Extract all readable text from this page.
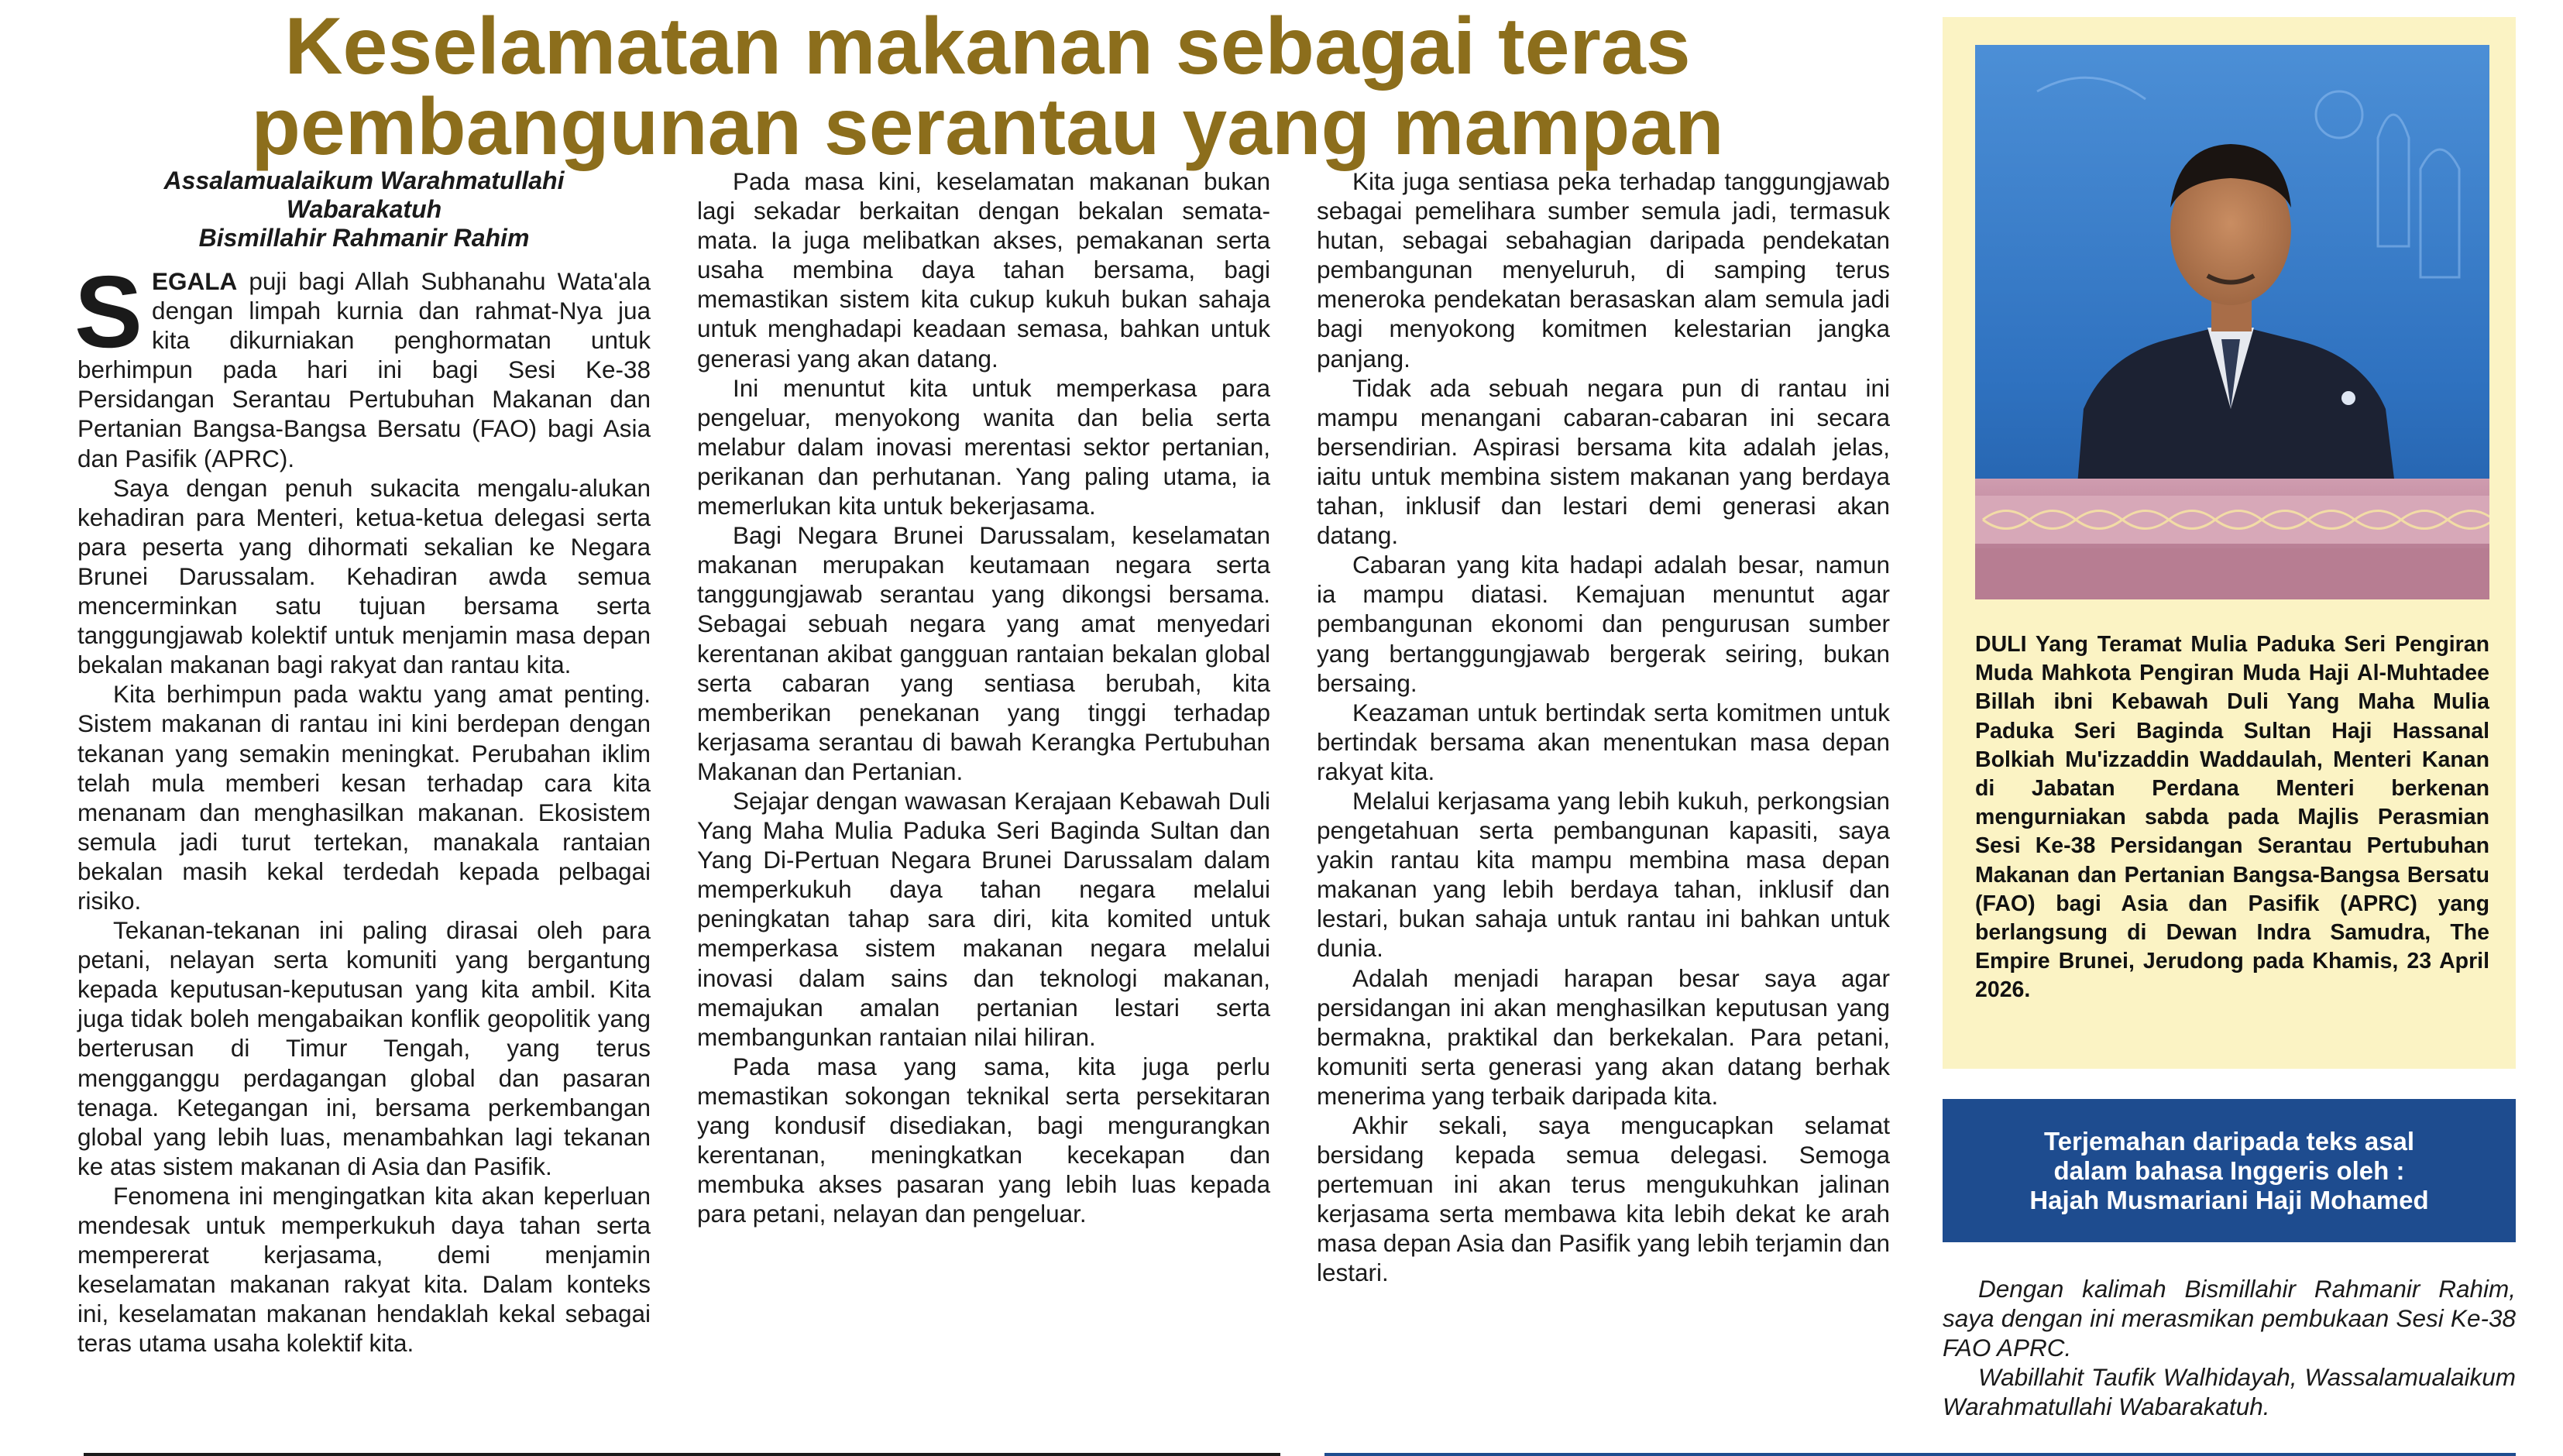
Keselamatan makanan sebagai teras
pembangunan serantau yang mampan
Assalamualaikum Warahmatullahi
Wabarakatuh
Bismillahir Rahmanir Rahim

SEGALA puji bagi Allah Subhanahu Wata'ala dengan limpah kurnia dan rahmat-Nya jua kita dikurniakan penghormatan untuk berhimpun pada hari ini bagi Sesi Ke-38 Persidangan Serantau Pertubuhan Makanan dan Pertanian Bangsa-Bangsa Bersatu (FAO) bagi Asia dan Pasifik (APRC).

Saya dengan penuh sukacita mengalu-alukan kehadiran para Menteri, ketua-ketua delegasi serta para peserta yang dihormati sekalian ke Negara Brunei Darussalam. Kehadiran awda semua mencerminkan satu tujuan bersama serta tanggungjawab kolektif untuk menjamin masa depan bekalan makanan bagi rakyat dan rantau kita.

Kita berhimpun pada waktu yang amat penting. Sistem makanan di rantau ini kini berdepan dengan tekanan yang semakin meningkat. Perubahan iklim telah mula memberi kesan terhadap cara kita menanam dan menghasilkan makanan. Ekosistem semula jadi turut tertekan, manakala rantaian bekalan masih kekal terdedah kepada pelbagai risiko.

Tekanan-tekanan ini paling dirasai oleh para petani, nelayan serta komuniti yang bergantung kepada keputusan-keputusan yang kita ambil. Kita juga tidak boleh mengabaikan konflik geopolitik yang berterusan di Timur Tengah, yang terus mengganggu perdagangan global dan pasaran tenaga. Ketegangan ini, bersama perkembangan global yang lebih luas, menambahkan lagi tekanan ke atas sistem makanan di Asia dan Pasifik.

Fenomena ini mengingatkan kita akan keperluan mendesak untuk memperkukuh daya tahan serta mempererat kerjasama, demi menjamin keselamatan makanan rakyat kita. Dalam konteks ini, keselamatan makanan hendaklah kekal sebagai teras utama usaha kolektif kita.

Pada masa kini, keselamatan makanan bukan lagi sekadar berkaitan dengan bekalan semata-mata. Ia juga melibatkan akses, pemakanan serta usaha membina daya tahan bersama, bagi memastikan sistem kita cukup kukuh bukan sahaja untuk menghadapi keadaan semasa, bahkan untuk generasi yang akan datang.

Ini menuntut kita untuk memperkasa para pengeluar, menyokong wanita dan belia serta melabur dalam inovasi merentasi sektor pertanian, perikanan dan perhutanan. Yang paling utama, ia memerlukan kita untuk bekerjasama.

Bagi Negara Brunei Darussalam, keselamatan makanan merupakan keutamaan negara serta tanggungjawab serantau yang dikongsi bersama. Sebagai sebuah negara yang amat menyedari kerentanan akibat gangguan rantaian bekalan global serta cabaran yang sentiasa berubah, kita memberikan penekanan yang tinggi terhadap kerjasama serantau di bawah Kerangka Pertubuhan Makanan dan Pertanian.

Sejajar dengan wawasan Kerajaan Kebawah Duli Yang Maha Mulia Paduka Seri Baginda Sultan dan Yang Di-Pertuan Negara Brunei Darussalam dalam memperkukuh daya tahan negara melalui peningkatan tahap sara diri, kita komited untuk memperkasa sistem makanan negara melalui inovasi dalam sains dan teknologi makanan, memajukan amalan pertanian lestari serta membangunkan rantaian nilai hiliran.

Pada masa yang sama, kita juga perlu memastikan sokongan teknikal serta persekitaran yang kondusif disediakan, bagi mengurangkan kerentanan, meningkatkan kecekapan dan membuka akses pasaran yang lebih luas kepada para petani, nelayan dan pengeluar.

Kita juga sentiasa peka terhadap tanggungjawab sebagai pemelihara sumber semula jadi, termasuk hutan, sebagai sebahagian daripada pendekatan pembangunan menyeluruh, di samping terus meneroka pendekatan berasaskan alam semula jadi bagi menyokong komitmen kelestarian jangka panjang.

Tidak ada sebuah negara pun di rantau ini mampu menangani cabaran-cabaran ini secara bersendirian. Aspirasi bersama kita adalah jelas, iaitu untuk membina sistem makanan yang berdaya tahan, inklusif dan lestari demi generasi akan datang.

Cabaran yang kita hadapi adalah besar, namun ia mampu diatasi. Kemajuan menuntut agar pembangunan ekonomi dan pengurusan sumber yang bertanggungjawab bergerak seiring, bukan bersaing.

Keazaman untuk bertindak serta komitmen untuk bertindak bersama akan menentukan masa depan rakyat kita.

Melalui kerjasama yang lebih kukuh, perkongsian pengetahuan serta pembangunan kapasiti, saya yakin rantau kita mampu membina masa depan makanan yang lebih berdaya tahan, inklusif dan lestari, bukan sahaja untuk rantau ini bahkan untuk dunia.

Adalah menjadi harapan besar saya agar persidangan ini akan menghasilkan keputusan yang bermakna, praktikal dan berkekalan. Para petani, komuniti serta generasi yang akan datang berhak menerima yang terbaik daripada kita.

Akhir sekali, saya mengucapkan selamat bersidang kepada semua delegasi. Semoga pertemuan ini akan terus mengukuhkan jalinan kerjasama serta membawa kita lebih dekat ke arah masa depan Asia dan Pasifik yang lebih terjamin dan lestari.

DULI Yang Teramat Mulia Paduka Seri Pengiran Muda Mahkota Pengiran Muda Haji Al-Muhtadee Billah ibni Kebawah Duli Yang Maha Mulia Paduka Seri Baginda Sultan Haji Hassanal Bolkiah Mu'izzaddin Waddaulah, Menteri Kanan di Jabatan Perdana Menteri berkenan mengurniakan sabda pada Majlis Perasmian Sesi Ke-38 Persidangan Serantau Pertubuhan Makanan dan Pertanian Bangsa-Bangsa Bersatu (FAO) bagi Asia dan Pasifik (APRC) yang berlangsung di Dewan Indra Samudra, The Empire Brunei, Jerudong pada Khamis, 23 April 2026.

Terjemahan daripada teks asal
dalam bahasa Inggeris oleh :
Hajah Musmariani Haji Mohamed

Dengan kalimah Bismillahir Rahmanir Rahim, saya dengan ini merasmikan pembukaan Sesi Ke-38 FAO APRC.

Wabillahit Taufik Walhidayah, Wassalamualaikum Warahmatullahi Wabarakatuh.
